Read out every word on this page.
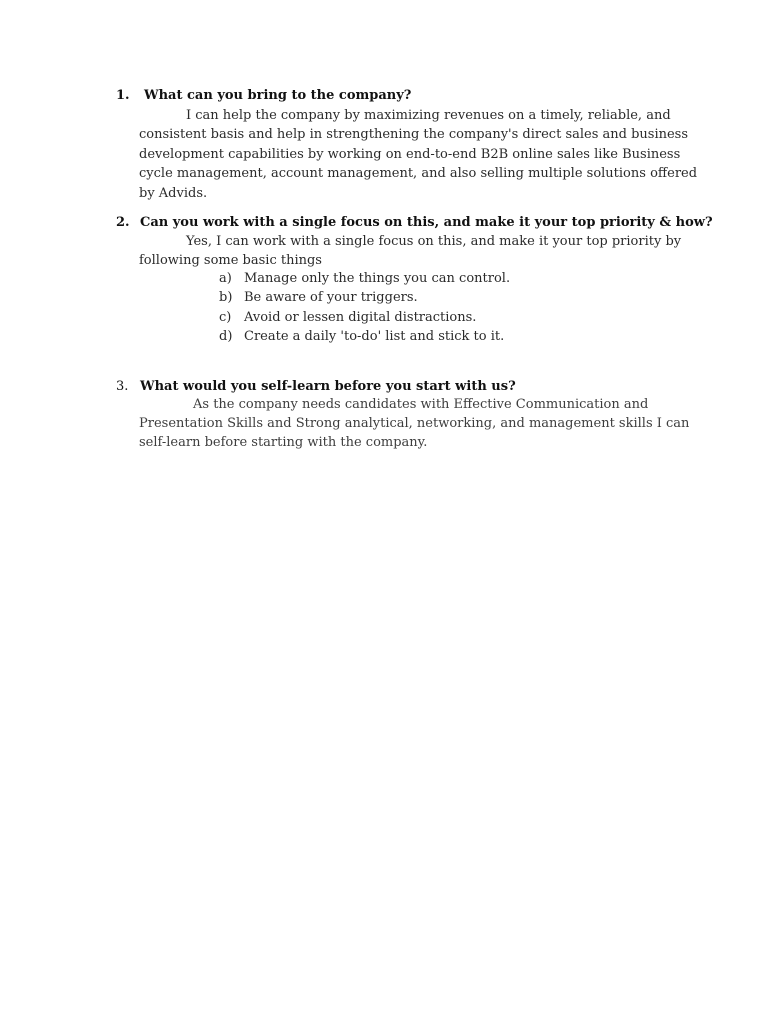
1. What can you bring to the company?
I can help the company by maximizing revenues on a timely, reliable, and
consistent basis and help in strengthening the company's direct sales and business
development capabilities by working on end-to-end B2B online sales like Business
cycle management, account management, and also selling multiple solutions offered
by Advids.
2. Can you work with a single focus on this, and make it your top priority & how?
Yes, I can work with a single focus on this, and make it your top priority by
following some basic things
a) Manage only the things you can control.
b) Be aware of your triggers.
c) Avoid or lessen digital distractions.
d) Create a daily 'to-do' list and stick to it.
3. What would you self-learn before you start with us?
As the company needs candidates with Effective Communication and
Presentation Skills and Strong analytical, networking, and management skills I can
self-learn before starting with the company.
